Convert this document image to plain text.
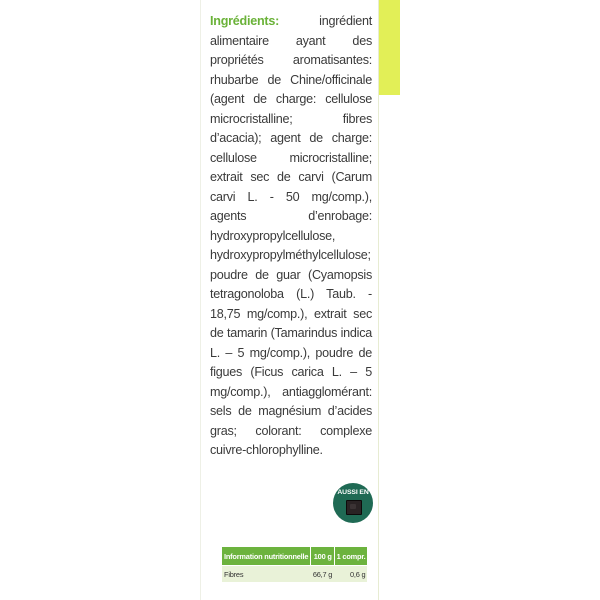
Ingrédients: ingrédient alimentaire ayant des propriétés aromatisantes: rhubarbe de Chine/officinale (agent de charge: cellulose microcristalline; fibres d’acacia); agent de charge: cellulose microcristalline; extrait sec de carvi (Carum carvi L. - 50 mg/comp.), agents d’enrobage: hydroxypropylcellulose, hydroxypropylméthylcellulose; poudre de guar (Cyamopsis tetragonoloba (L.) Taub. - 18,75 mg/comp.), extrait sec de tamarin (Tamarindus indica L. – 5 mg/comp.), poudre de figues (Ficus carica L. – 5 mg/comp.), antiagglomérant: sels de magnésium d’acides gras; colorant: complexe cuivre-chlorophylline.

AUSSI EN
Information nutritionnelle	100 g	1 compr.
Fibres	66,7 g	0,6 g
